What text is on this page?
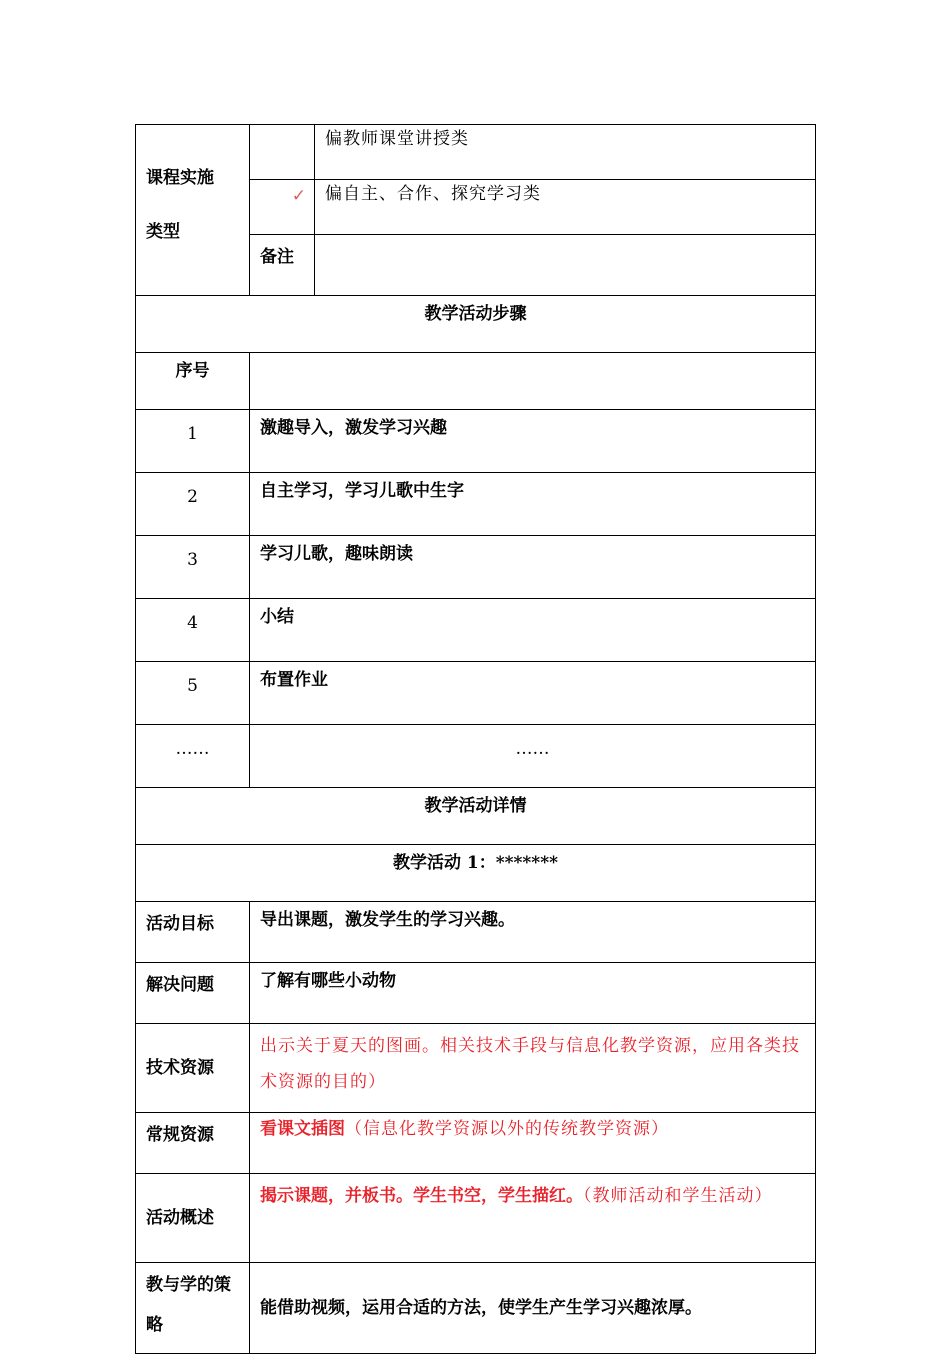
课程实施
类型		偏教师课堂讲授类
	✓	偏自主、合作、探究学习类
	备注	
教学活动步骤		
序号		
1	激趣导入，激发学习兴趣	
2	自主学习，学习儿歌中生字	
3	学习儿歌，趣味朗读	
4	小结	
5	布置作业	
……	……	
教学活动详情		
教学活动 1：*******		
活动目标	导出课题，激发学生的学习兴趣。	
解决问题	了解有哪些小动物	
技术资源	出示关于夏天的图画。相关技术手段与信息化教学资源，应用各类技术资源的目的）	
常规资源	看课文插图（信息化教学资源以外的传统教学资源）	
活动概述	揭示课题，并板书。学生书空，学生描红。（教师活动和学生活动）	
教与学的策略	能借助视频，运用合适的方法，使学生产生学习兴趣浓厚。	
